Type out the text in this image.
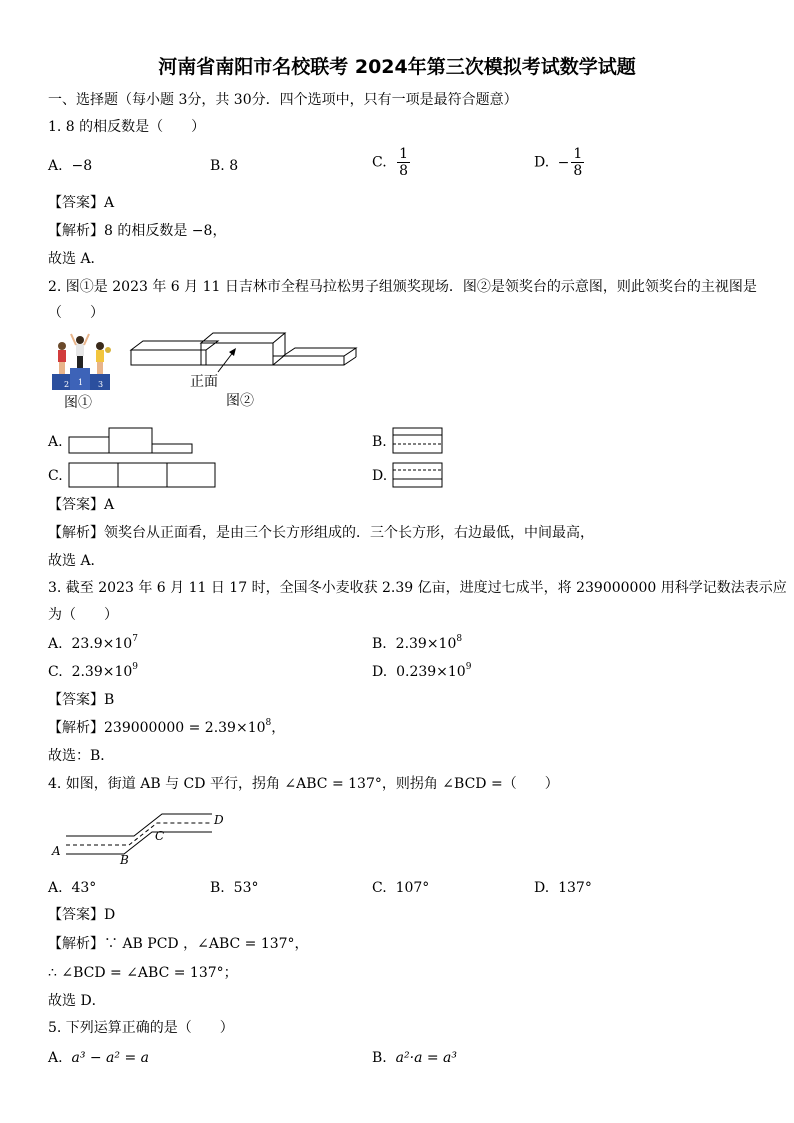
河南省南阳市名校联考 2024年第三次模拟考试数学试题
一、选择题（每小题 3分，共 30分．四个选项中，只有一项是最符合题意）
1. 8 的相反数是（　　）
A. −8	B. 8	C. $\frac{1}{8}$	D. − $\frac{1}{8}$
【答案】A
【解析】8 的相反数是 −8，
故选 A．
2. 图①是 2023 年 6 月 11 日吉林市全程马拉松男子组颁奖现场．图②是领奖台的示意图，则此领奖台的主视图是
（　　）
2 1 3
图①
正面
图②
A.	B.
C.	D.
【答案】A
【解析】领奖台从正面看，是由三个长方形组成的．三个长方形，右边最低，中间最高，
故选 A．
3. 截至 2023 年 6 月 11 日 17 时，全国冬小麦收获 2.39 亿亩，进度过七成半，将 239000000 用科学记数法表示应
为（　　）
A. $23.9\times 10^7$	B. $2.39\times 10^8$
C. $2.39\times 10^9$	D. $0.239\times 10^9$
【答案】B
【解析】$239000000 = 2.39\times 10^8$，
故选：B．
4. 如图，街道 AB 与 CD 平行，拐角 ∠ABC = 137°，则拐角 ∠BCD =（　　）
A
B
C
D
A. 43°	B. 53°	C. 107°	D. 137°
【答案】D
【解析】∵ AB PCD ，∠ABC = 137°，
∴ ∠BCD = ∠ABC = 137°；
故选 D．
5. 下列运算正确的是（　　）
A. a³ − a² = a	B. a²·a = a³
